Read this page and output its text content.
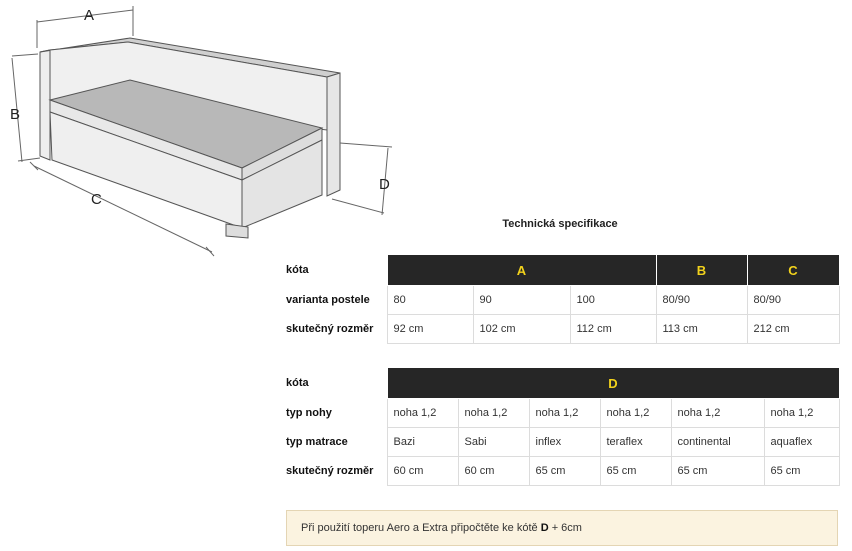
A
B
C
D
Technická specifikace
kóta	A			B	C
varianta postele	80	90	100	80/90	80/90
skutečný rozměr	92 cm	102 cm	112 cm	113 cm	212 cm
kóta	D					
typ nohy	noha 1,2	noha 1,2	noha 1,2	noha 1,2	noha 1,2	noha 1,2
typ matrace	Bazi	Sabi	inflex	teraflex	continental	aquaflex
skutečný rozměr	60 cm	60 cm	65 cm	65 cm	65 cm	65 cm
Při použití toperu Aero a Extra připočtěte ke kótě D + 6cm
